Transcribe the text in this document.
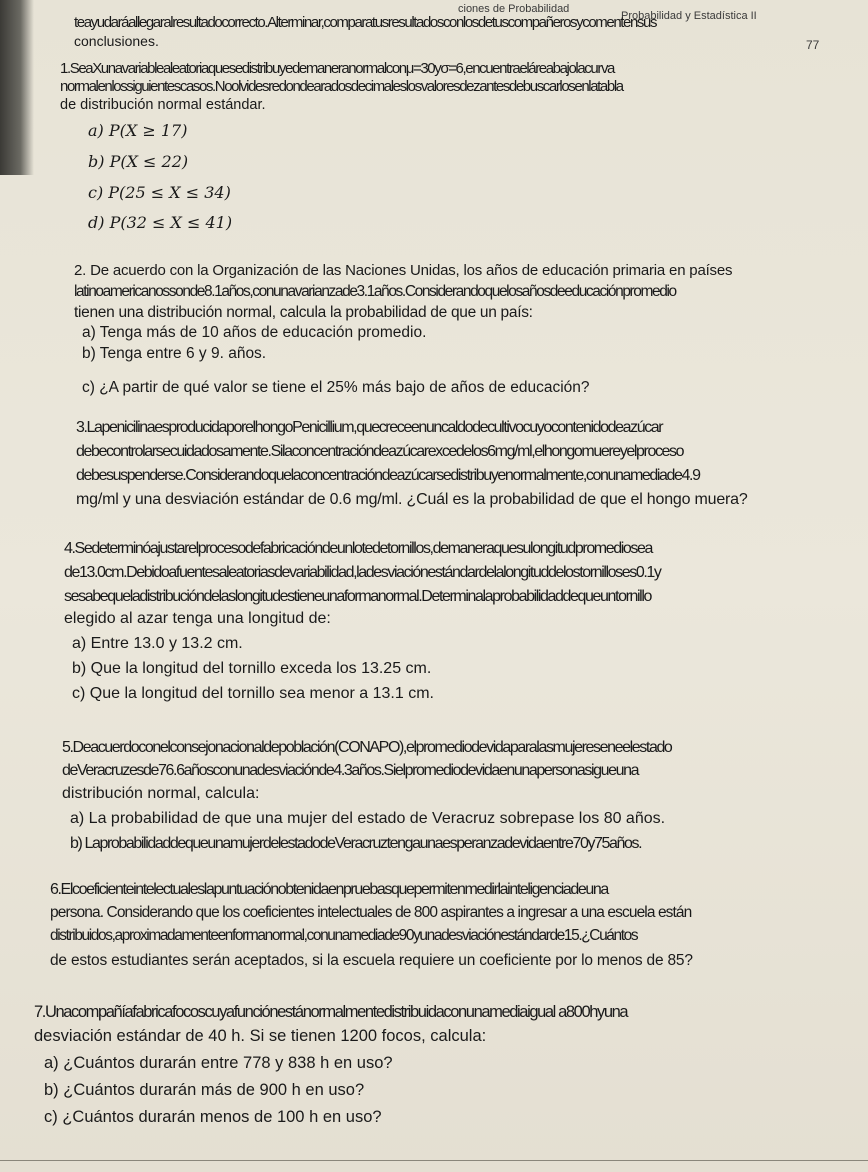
ciones de Probabilidad
Probabilidad y Estadística II
77
teayudaráallegaralresultadocorrecto.Alterminar,comparatusresultadosconlosdetuscompañerosycomentensus
conclusiones.
1.SeaXunavariablealeatoriaquesedistribuyedemaneranormalconμ=30yσ=6,encuentraeláreabajolacurva
normalenlossiguientescasos.Noolvidesredondearadosdecimaleslosvaloresdezantesdebuscarlosenlatabla
de distribución normal estándar.
a) P(X ≥ 17)
b) P(X ≤ 22)
c) P(25 ≤ X ≤ 34)
d) P(32 ≤ X ≤ 41)
2. De acuerdo con la Organización de las Naciones Unidas, los años de educación primaria en países
latinoamericanossonde8.1años,conunavarianzade3.1años.Considerandoquelosañosdeeducaciónpromedio
tienen una distribución normal, calcula la probabilidad de que un país:
a) Tenga más de 10 años de educación promedio.
b) Tenga entre 6 y 9. años.
c) ¿A partir de qué valor se tiene el 25% más bajo de años de educación?
3.LapenicilinaesproducidaporelhongoPenicillium,quecreceenuncaldodecultivocuyocontenidodeazúcar
debecontrolarsecuidadosamente.Silaconcentracióndeazúcarexcedelos6mg/ml,elhongomuereyelproceso
debesuspenderse.Considerandoquelaconcentracióndeazúcarsedistribuyenormalmente,conunamediade4.9
mg/ml y una desviación estándar de 0.6 mg/ml. ¿Cuál es la probabilidad de que el hongo muera?
4.Sedeterminóajustarelprocesodefabricacióndeunlotedetornillos,demaneraquesulongitudpromediosea
de13.0cm.Debidoafuentesaleatoriasdevariabilidad,ladesviaciónestándardelalongituddelostornilloses0.1y
sesabequeladistribucióndelaslongitudestieneunaformanormal.Determinalaprobabilidaddequeuntornillo
elegido al azar tenga una longitud de:
a) Entre 13.0 y 13.2 cm.
b) Que la longitud del tornillo exceda los 13.25 cm.
c) Que la longitud del tornillo sea menor a 13.1 cm.
5.Deacuerdoconelconsejonacionaldepoblación(CONAPO),elpromediodevidaparalasmujereseneelestado
deVeracruzesde76.6añosconunadesviaciónde4.3años.Sielpromediodevidaenunapersonasigueuna
distribución normal, calcula:
a) La probabilidad de que una mujer del estado de Veracruz sobrepase los 80 años.
b) LaprobabilidaddequeunamujerdelestadodeVeracruztengaunaesperanzadevidaentre70y75años.
6.Elcoeficienteintelectualeslapuntuaciónobtenidaenpruebasquepermitenmedirlainteligenciadeuna
persona. Considerando que los coeficientes intelectuales de 800 aspirantes a ingresar a una escuela están
distribuidos,aproximadamenteenformanormal,conunamediade90yunadesviaciónestándarde15.¿Cuántos
de estos estudiantes serán aceptados, si la escuela requiere un coeficiente por lo menos de 85?
7.Unacompañíafabricafocoscuyafunciónestánormalmentedistribuidaconunamediaigual a800hyuna
desviación estándar de 40 h. Si se tienen 1200 focos, calcula:
a) ¿Cuántos durarán entre 778 y 838 h en uso?
b) ¿Cuántos durarán más de 900 h en uso?
c) ¿Cuántos durarán menos de 100 h en uso?
